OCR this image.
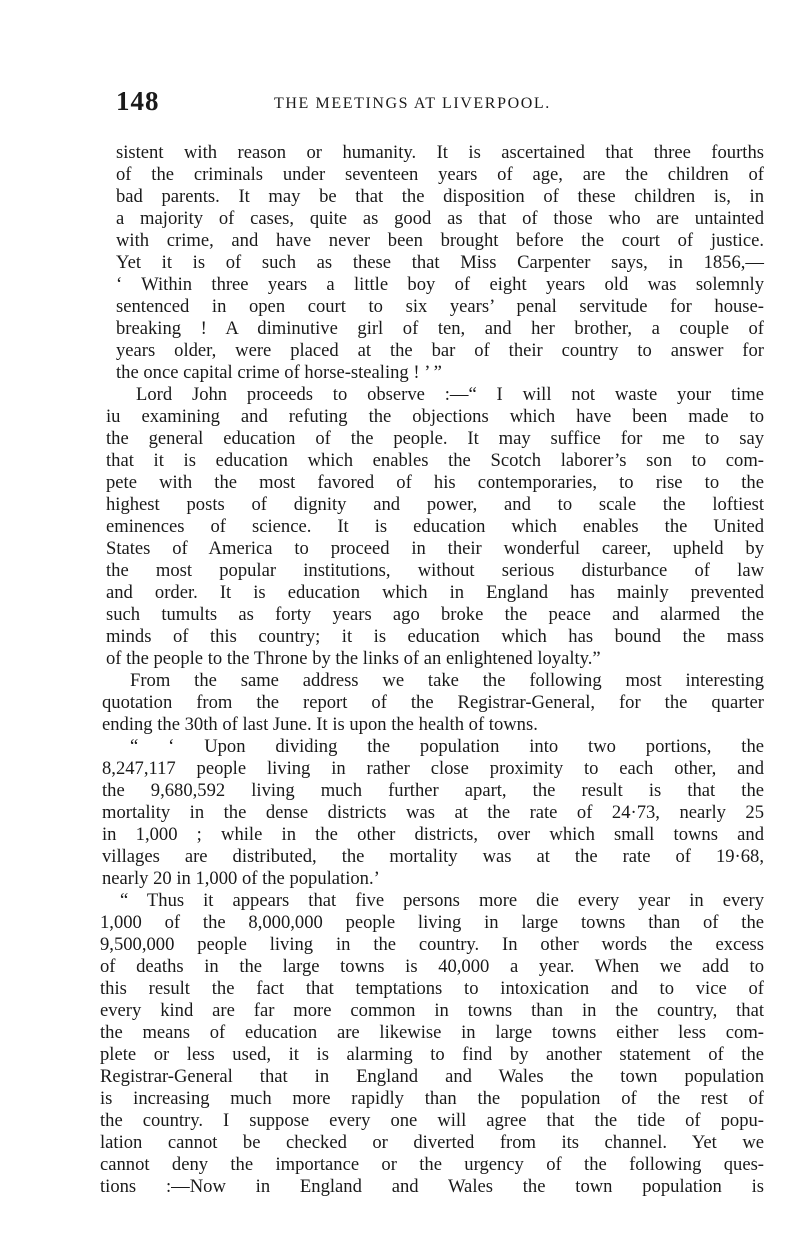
148	THE MEETINGS AT LIVERPOOL.
sistent with reason or humanity. It is ascertained that three fourths
of the criminals under seventeen years of age, are the children of
bad parents. It may be that the disposition of these children is, in
a majority of cases, quite as good as that of those who are untainted
with crime, and have never been brought before the court of justice.
Yet it is of such as these that Miss Carpenter says, in 1856,—
‘ Within three years a little boy of eight years old was solemnly
sentenced in open court to six years’ penal servitude for house-
breaking ! A diminutive girl of ten, and her brother, a couple of
years older, were placed at the bar of their country to answer for
the once capital crime of horse-stealing ! ’ ”
Lord John proceeds to observe :—“ I will not waste your time
iu examining and refuting the objections which have been made to
the general education of the people. It may suffice for me to say
that it is education which enables the Scotch laborer’s son to com-
pete with the most favored of his contemporaries, to rise to the
highest posts of dignity and power, and to scale the loftiest
eminences of science. It is education which enables the United
States of America to proceed in their wonderful career, upheld by
the most popular institutions, without serious disturbance of law
and order. It is education which in England has mainly prevented
such tumults as forty years ago broke the peace and alarmed the
minds of this country; it is education which has bound the mass
of the people to the Throne by the links of an enlightened loyalty.”
From the same address we take the following most interesting
quotation from the report of the Registrar-General, for the quarter
ending the 30th of last June. It is upon the health of towns.
“ ‘ Upon dividing the population into two portions, the
8,247,117 people living in rather close proximity to each other, and
the 9,680,592 living much further apart, the result is that the
mortality in the dense districts was at the rate of 24·73, nearly 25
in 1,000 ; while in the other districts, over which small towns and
villages are distributed, the mortality was at the rate of 19·68,
nearly 20 in 1,000 of the population.’
“ Thus it appears that five persons more die every year in every
1,000 of the 8,000,000 people living in large towns than of the
9,500,000 people living in the country. In other words the excess
of deaths in the large towns is 40,000 a year. When we add to
this result the fact that temptations to intoxication and to vice of
every kind are far more common in towns than in the country, that
the means of education are likewise in large towns either less com-
plete or less used, it is alarming to find by another statement of the
Registrar-General that in England and Wales the town population
is increasing much more rapidly than the population of the rest of
the country. I suppose every one will agree that the tide of popu-
lation cannot be checked or diverted from its channel. Yet we
cannot deny the importance or the urgency of the following ques-
tions :—Now in England and Wales the town population is
